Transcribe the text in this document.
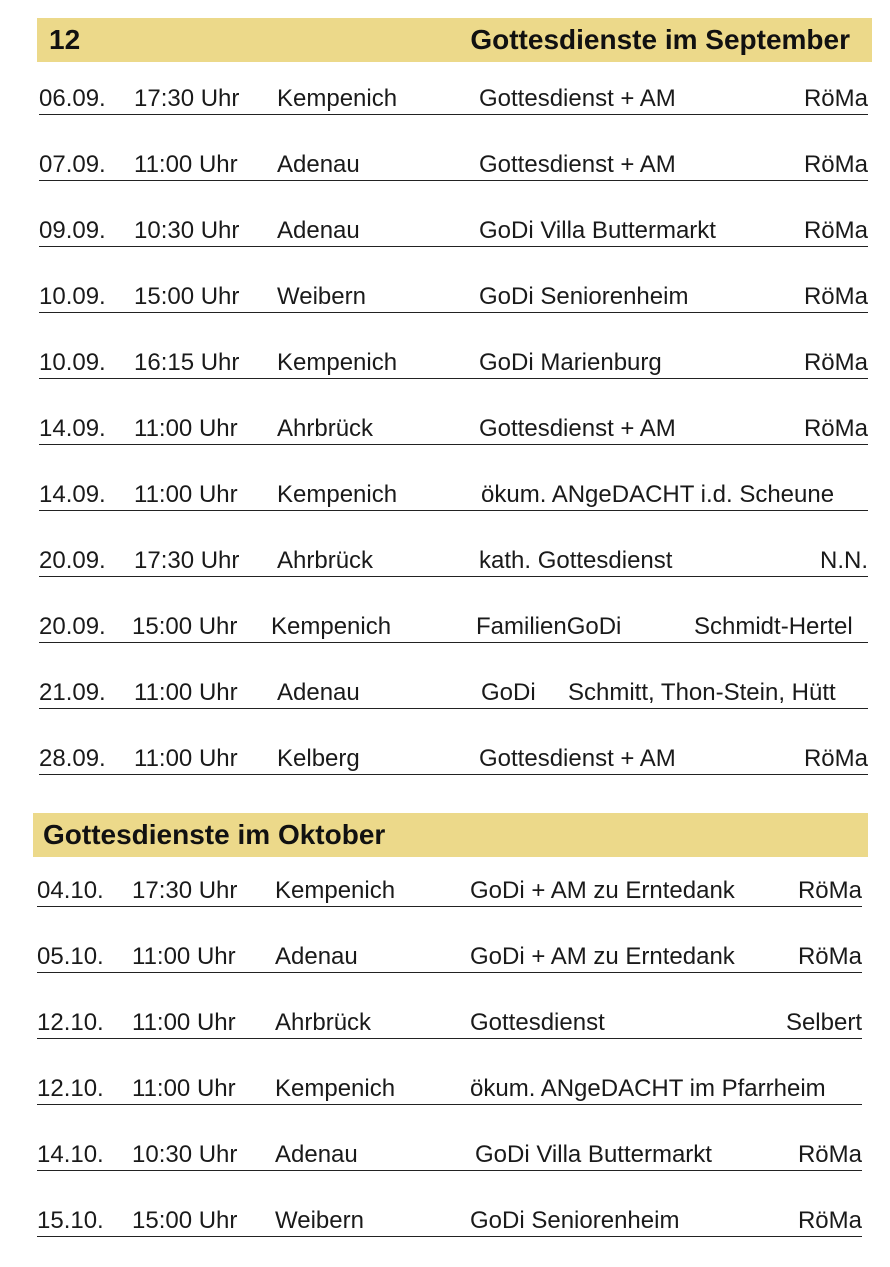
12	Gottesdienste im September
06.09. 17:30 Uhr Kempenich	Gottesdienst + AM	RöMa
07.09. 11:00 Uhr Adenau	Gottesdienst + AM	RöMa
09.09. 10:30 Uhr Adenau	GoDi Villa Buttermarkt	RöMa
10.09. 15:00 Uhr Weibern	GoDi Seniorenheim	RöMa
10.09. 16:15 Uhr Kempenich	GoDi Marienburg	RöMa
14.09. 11:00 Uhr Ahrbrück	Gottesdienst + AM	RöMa
14.09. 11:00 Uhr Kempenich	ökum. ANgeDACHT i.d. Scheune
20.09. 17:30 Uhr Ahrbrück	kath. Gottesdienst	N.N.
20.09. 15:00 Uhr Kempenich	FamilienGoDi	Schmidt-Hertel
21.09. 11:00 Uhr Adenau	GoDi Schmitt, Thon-Stein, Hütt
28.09. 11:00 Uhr Kelberg	Gottesdienst + AM	RöMa
Gottesdienste im Oktober
04.10. 17:30 Uhr Kempenich	GoDi + AM zu Erntedank	RöMa
05.10. 11:00 Uhr Adenau	GoDi + AM zu Erntedank	RöMa
12.10. 11:00 Uhr Ahrbrück	Gottesdienst	Selbert
12.10. 11:00 Uhr Kempenich	ökum. ANgeDACHT im Pfarrheim
14.10. 10:30 Uhr Adenau	GoDi Villa Buttermarkt	RöMa
15.10. 15:00 Uhr Weibern	GoDi Seniorenheim	RöMa
